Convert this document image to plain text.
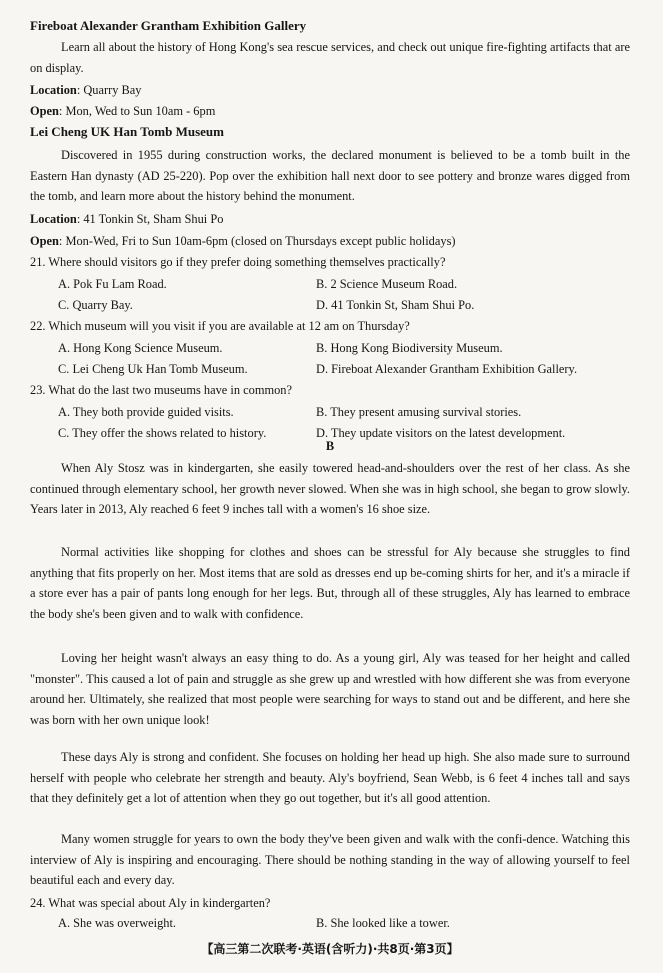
Fireboat Alexander Grantham Exhibition Gallery
Learn all about the history of Hong Kong's sea rescue services, and check out unique fire-fighting artifacts that are on display.
Location: Quarry Bay
Open: Mon, Wed to Sun 10am - 6pm
Lei Cheng UK Han Tomb Museum
Discovered in 1955 during construction works, the declared monument is believed to be a tomb built in the Eastern Han dynasty (AD 25-220). Pop over the exhibition hall next door to see pottery and bronze wares digged from the tomb, and learn more about the history behind the monument.
Location: 41 Tonkin St, Sham Shui Po
Open: Mon-Wed, Fri to Sun 10am-6pm (closed on Thursdays except public holidays)
21. Where should visitors go if they prefer doing something themselves practically?
A. Pok Fu Lam Road.	B. 2 Science Museum Road.
C. Quarry Bay.	D. 41 Tonkin St, Sham Shui Po.
22. Which museum will you visit if you are available at 12 am on Thursday?
A. Hong Kong Science Museum.	B. Hong Kong Biodiversity Museum.
C. Lei Cheng Uk Han Tomb Museum.	D. Fireboat Alexander Grantham Exhibition Gallery.
23. What do the last two museums have in common?
A. They both provide guided visits.	B. They present amusing survival stories.
C. They offer the shows related to history.	D. They update visitors on the latest development.
B
When Aly Stosz was in kindergarten, she easily towered head-and-shoulders over the rest of her class. As she continued through elementary school, her growth never slowed. When she was in high school, she began to grow slowly. Years later in 2013, Aly reached 6 feet 9 inches tall with a women's 16 shoe size.
Normal activities like shopping for clothes and shoes can be stressful for Aly because she struggles to find anything that fits properly on her. Most items that are sold as dresses end up be-coming shirts for her, and it's a miracle if a store ever has a pair of pants long enough for her legs. But, through all of these struggles, Aly has learned to embrace the body she's been given and to walk with confidence.
Loving her height wasn't always an easy thing to do. As a young girl, Aly was teased for her height and called "monster". This caused a lot of pain and struggle as she grew up and wrestled with how different she was from everyone around her. Ultimately, she realized that most people were searching for ways to stand out and be different, and here she was born with her own unique look!
These days Aly is strong and confident. She focuses on holding her head up high. She also made sure to surround herself with people who celebrate her strength and beauty. Aly's boyfriend, Sean Webb, is 6 feet 4 inches tall and says that they definitely get a lot of attention when they go out together, but it's all good attention.
Many women struggle for years to own the body they've been given and walk with the confi-dence. Watching this interview of Aly is inspiring and encouraging. There should be nothing standing in the way of allowing yourself to feel beautiful each and every day.
24. What was special about Aly in kindergarten?
A. She was overweight.	B. She looked like a tower.
【高三第二次联考·英语(含听力)·共8页·第3页】
